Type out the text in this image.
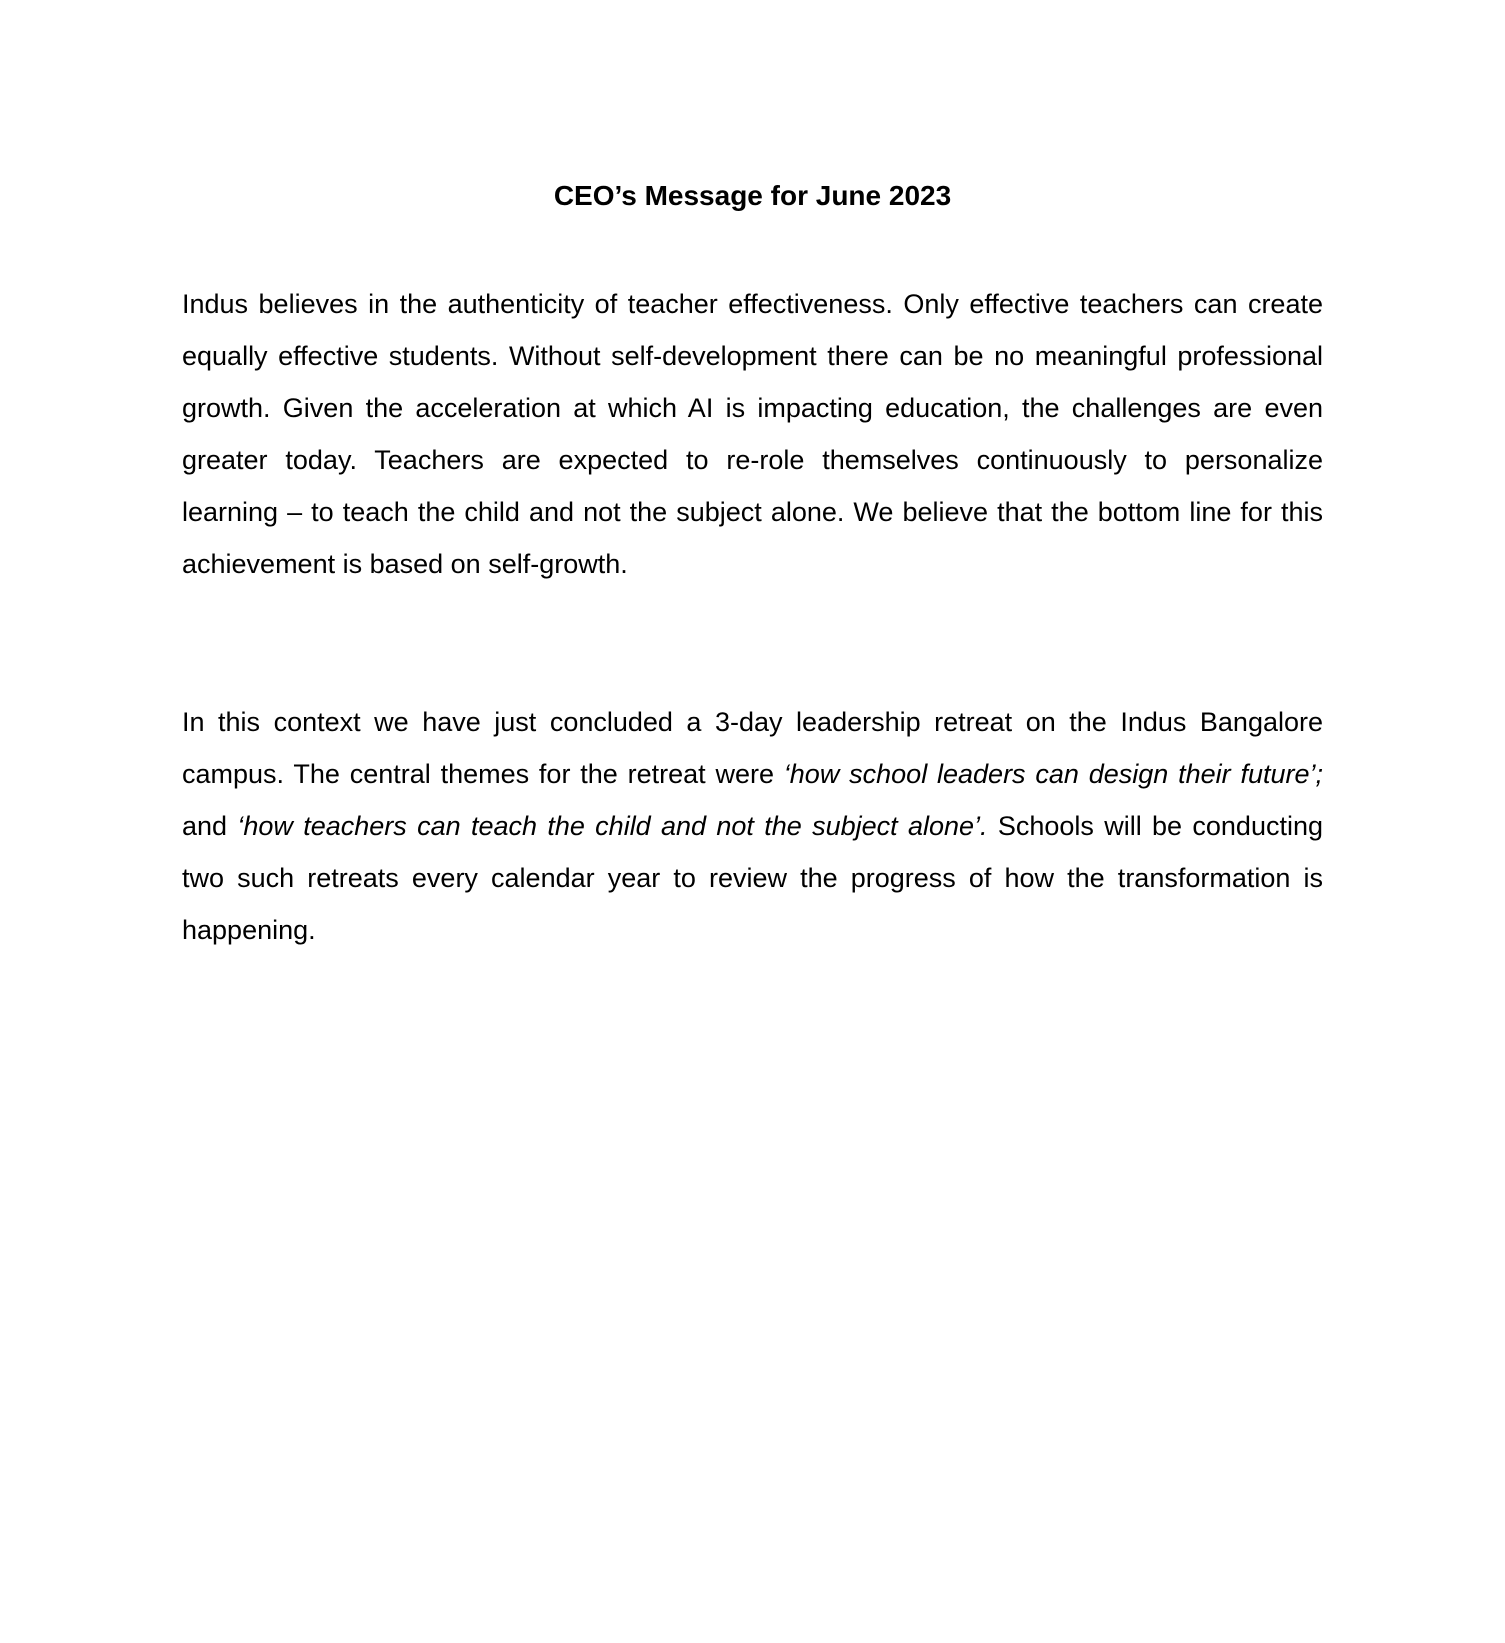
CEO’s Message for June 2023

Indus believes in the authenticity of teacher effectiveness. Only effective teachers can create equally effective students. Without self-development there can be no meaningful professional growth. Given the acceleration at which AI is impacting education, the challenges are even greater today. Teachers are expected to re-role themselves continuously to personalize learning – to teach the child and not the subject alone. We believe that the bottom line for this achievement is based on self-growth.

In this context we have just concluded a 3-day leadership retreat on the Indus Bangalore campus. The central themes for the retreat were ‘how school leaders can design their future’; and ‘how teachers can teach the child and not the subject alone’. Schools will be conducting two such retreats every calendar year to review the progress of how the transformation is happening.
